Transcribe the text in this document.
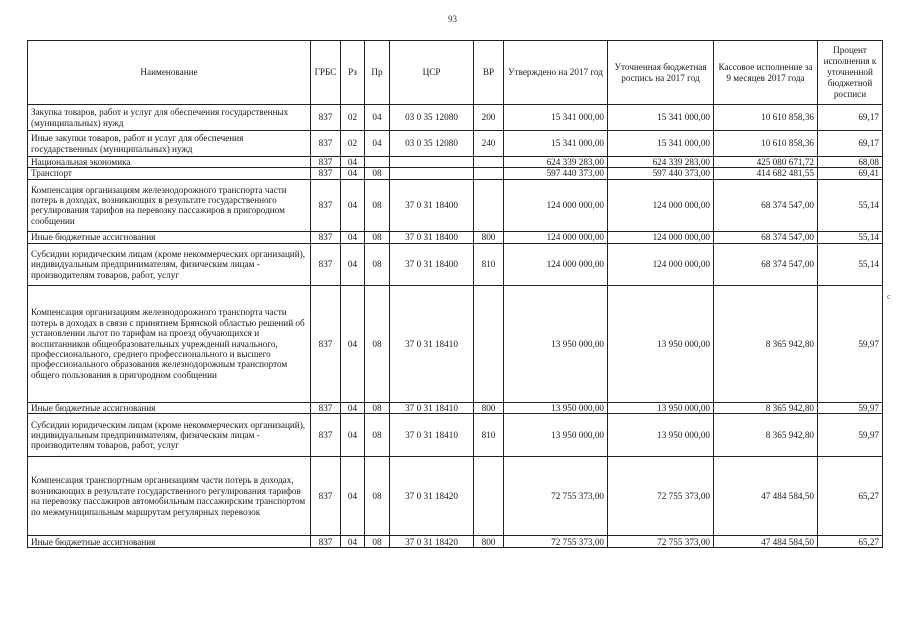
93
Наименование	ГРБС	Рз	Пр	ЦСР	ВР	Утверждено на 2017 год	Уточненная бюджетная роспись на 2017 год	Кассовое исполнение за 9 месяцев 2017 года	Процент исполнения к уточненной бюджетной росписи
Закупка товаров, работ и услуг для обеспечения государственных (муниципальных) нужд	837	02	04	03 0 35 12080	200	15 341 000,00	15 341 000,00	10 610 858,36	69,17
Иные закупки товаров, работ и услуг для обеспечения государственных (муниципальных) нужд	837	02	04	03 0 35 12080	240	15 341 000,00	15 341 000,00	10 610 858,36	69,17
Национальная экономика	837	04				624 339 283,00	624 339 283,00	425 080 671,72	68,08
Транспорт	837	04	08			597 440 373,00	597 440 373,00	414 682 481,55	69,41
Компенсация организациям железнодорожного транспорта части потерь в доходах, возникающих в результате государственного регулирования тарифов на перевозку пассажиров в пригородном сообщении	837	04	08	37 0 31 18400		124 000 000,00	124 000 000,00	68 374 547,00	55,14
Иные бюджетные ассигнования	837	04	08	37 0 31 18400	800	124 000 000,00	124 000 000,00	68 374 547,00	55,14
Субсидии юридическим лицам (кроме некоммерческих организаций), индивидуальным предпринимателям, физическим лицам - производителям товаров, работ, услуг	837	04	08	37 0 31 18400	810	124 000 000,00	124 000 000,00	68 374 547,00	55,14
Компенсация организациям железнодорожного транспорта части потерь в доходах в связи с принятием Брянской областью решений об установлении льгот по тарифам на проезд обучающихся и воспитанников общеобразовательных учреждений начального, профессионального, среднего профессионального и высшего профессионального образования железнодорожным транспортом общего пользования в пригородном сообщении	837	04	08	37 0 31 18410		13 950 000,00	13 950 000,00	8 365 942,80	59,97
Иные бюджетные ассигнования	837	04	08	37 0 31 18410	800	13 950 000,00	13 950 000,00	8 365 942,80	59,97
Субсидии юридическим лицам (кроме некоммерческих организаций), индивидуальным предпринимателям, физическим лицам - производителям товаров, работ, услуг	837	04	08	37 0 31 18410	810	13 950 000,00	13 950 000,00	8 365 942,80	59,97
Компенсация транспортным организациям части потерь в доходах, возникающих в результате государственного регулирования тарифов на перевозку пассажиров автомобильным пассажирским транспортом по межмуниципальным маршрутам регулярных перевозок	837	04	08	37 0 31 18420		72 755 373,00	72 755 373,00	47 484 584,50	65,27
Иные бюджетные ассигнования	837	04	08	37 0 31 18420	800	72 755 373,00	72 755 373,00	47 484 584,50	65,27
c
